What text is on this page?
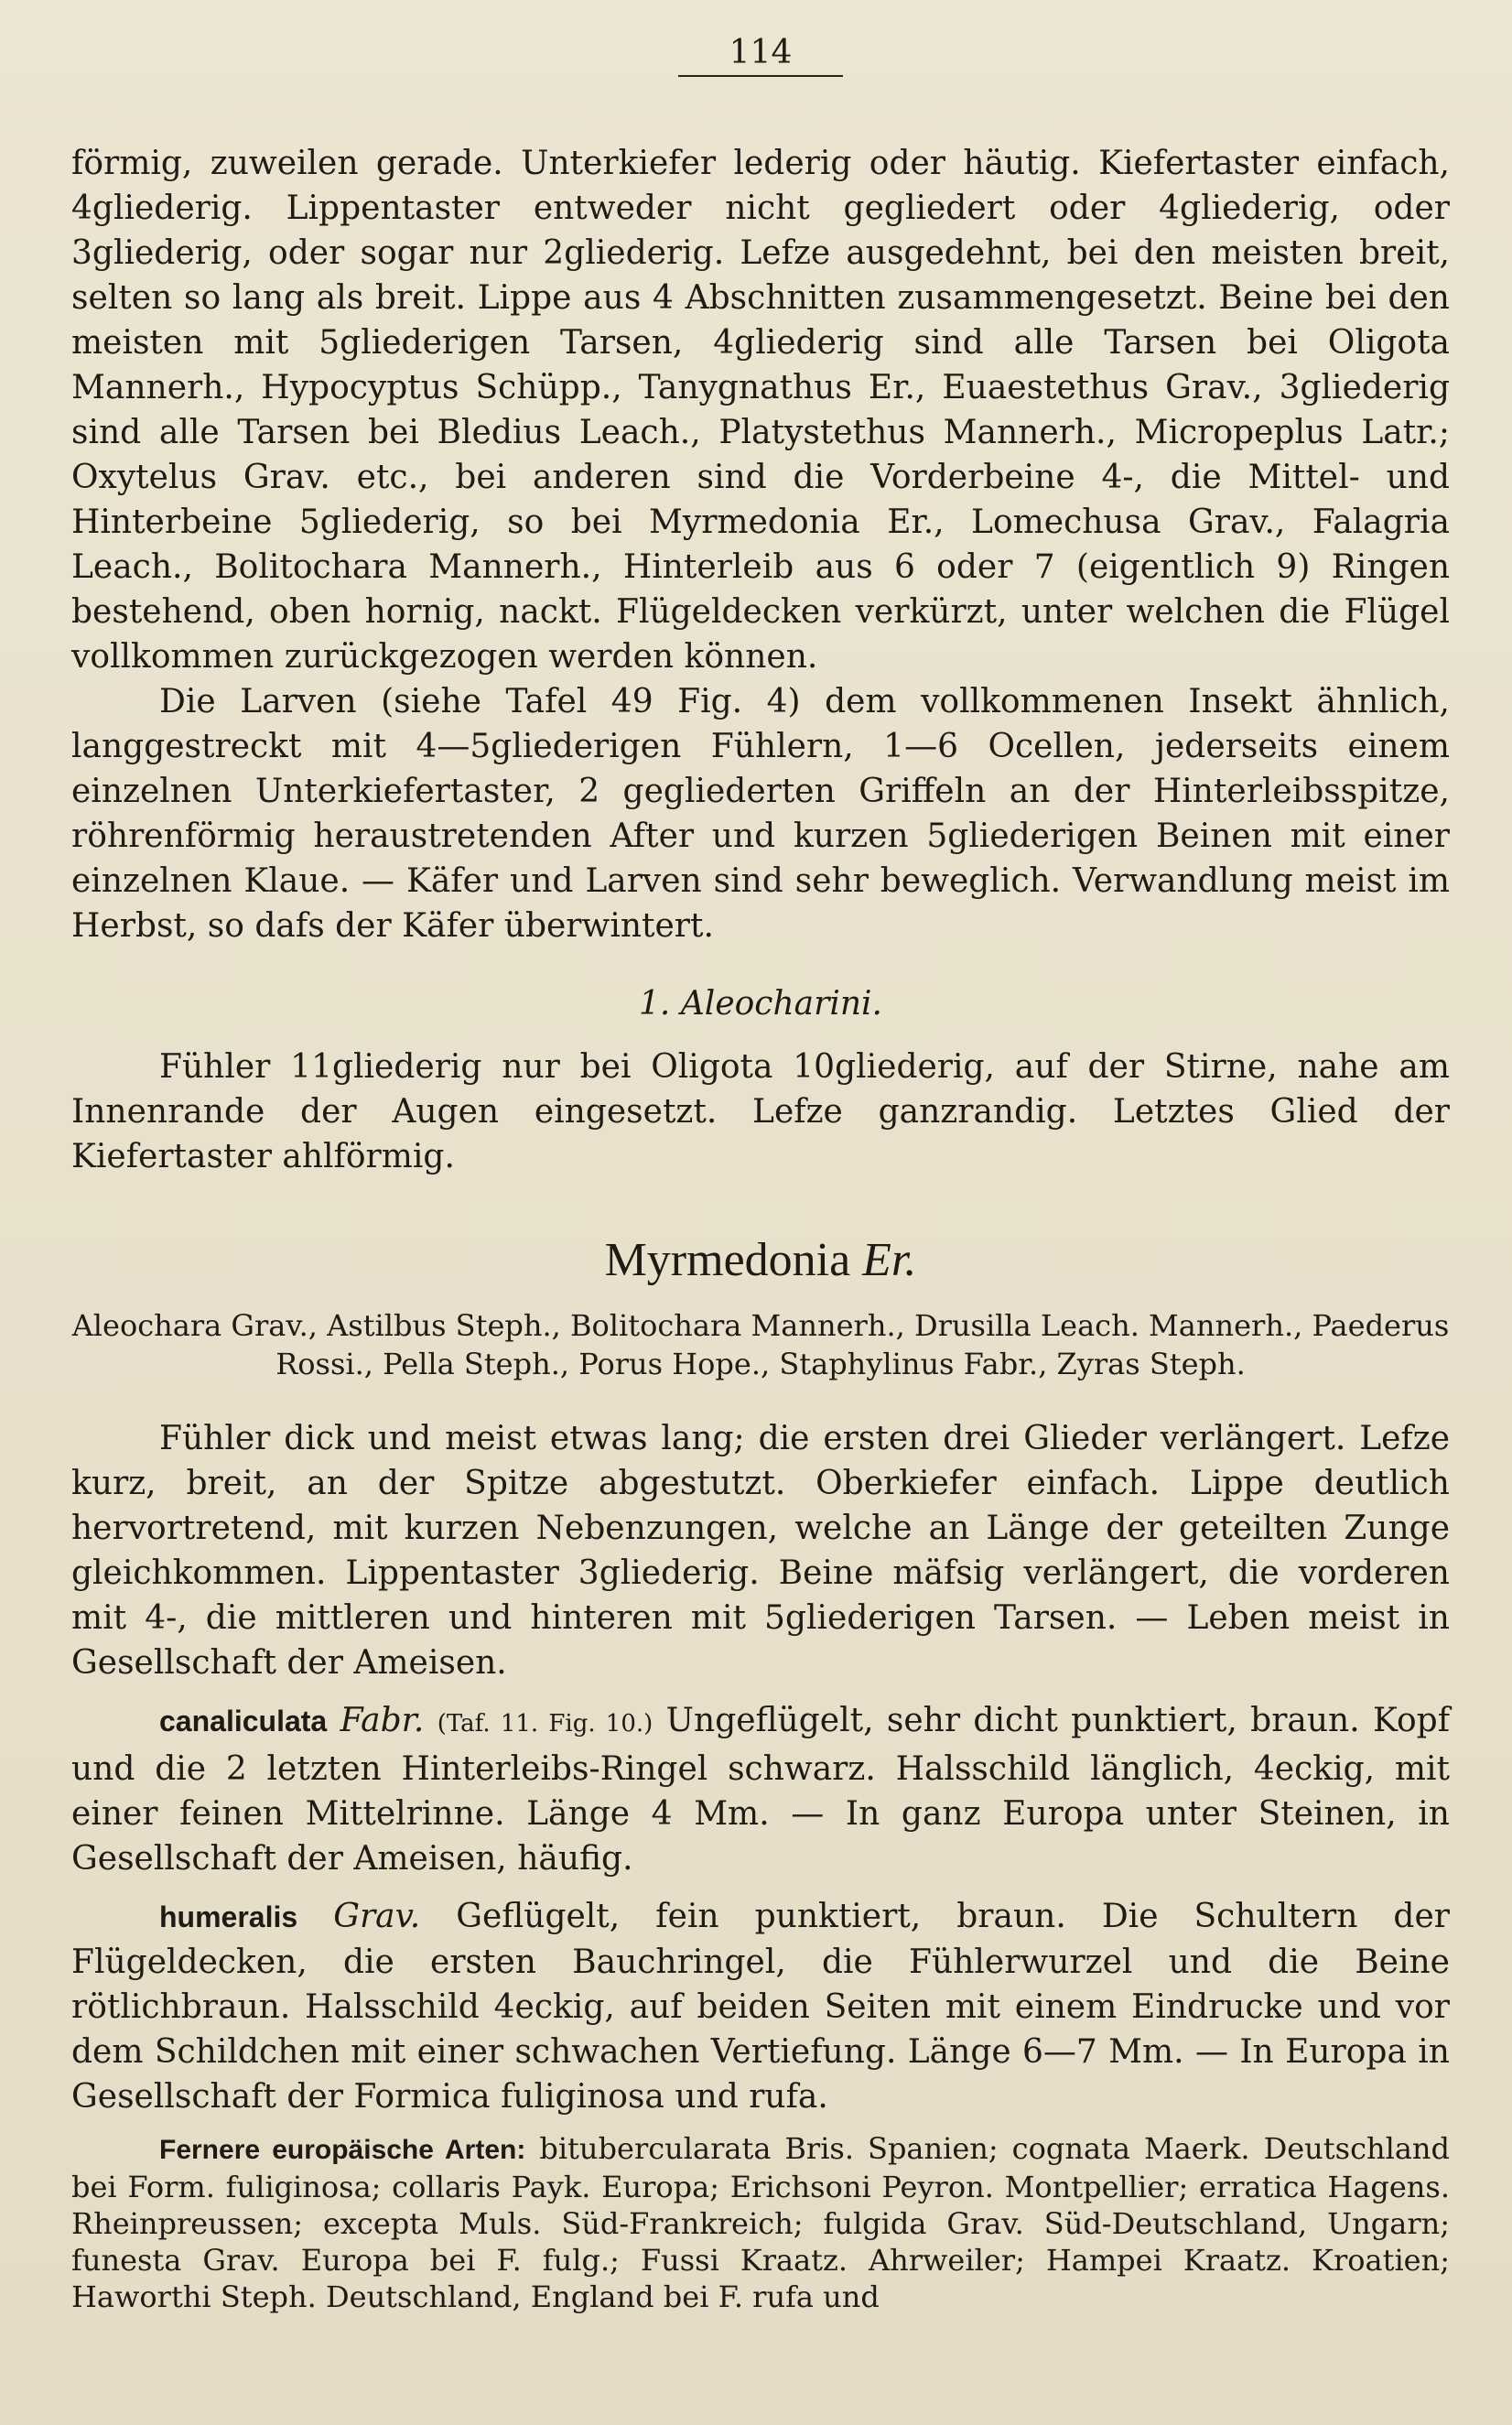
114

förmig, zuweilen gerade. Unterkiefer lederig oder häutig. Kiefertaster einfach, 4gliederig. Lippentaster entweder nicht gegliedert oder 4gliederig, oder 3gliederig, oder sogar nur 2gliederig. Lefze ausgedehnt, bei den meisten breit, selten so lang als breit. Lippe aus 4 Abschnitten zusammengesetzt. Beine bei den meisten mit 5gliederigen Tarsen, 4gliederig sind alle Tarsen bei Oligota Mannerh., Hypocyptus Schüpp., Tanygnathus Er., Euaestethus Grav., 3gliederig sind alle Tarsen bei Bledius Leach., Platystethus Mannerh., Micropeplus Latr.; Oxytelus Grav. etc., bei anderen sind die Vorderbeine 4-, die Mittel- und Hinterbeine 5gliederig, so bei Myrmedonia Er., Lomechusa Grav., Falagria Leach., Bolitochara Mannerh., Hinterleib aus 6 oder 7 (eigentlich 9) Ringen bestehend, oben hornig, nackt. Flügeldecken verkürzt, unter welchen die Flügel vollkommen zurückgezogen werden können.

Die Larven (siehe Tafel 49 Fig. 4) dem vollkommenen Insekt ähnlich, langgestreckt mit 4—5gliederigen Fühlern, 1—6 Ocellen, jederseits einem einzelnen Unterkiefertaster, 2 gegliederten Griffeln an der Hinterleibsspitze, röhrenförmig heraustretenden After und kurzen 5gliederigen Beinen mit einer einzelnen Klaue. — Käfer und Larven sind sehr beweglich. Verwandlung meist im Herbst, so dafs der Käfer überwintert.

1. Aleocharini.

Fühler 11gliederig nur bei Oligota 10gliederig, auf der Stirne, nahe am Innenrande der Augen eingesetzt. Lefze ganzrandig. Letztes Glied der Kiefertaster ahlförmig.

Myrmedonia Er.

Aleochara Grav., Astilbus Steph., Bolitochara Mannerh., Drusilla Leach. Mannerh., Paederus Rossi., Pella Steph., Porus Hope., Staphylinus Fabr., Zyras Steph.

Fühler dick und meist etwas lang; die ersten drei Glieder verlängert. Lefze kurz, breit, an der Spitze abgestutzt. Oberkiefer einfach. Lippe deutlich hervortretend, mit kurzen Nebenzungen, welche an Länge der geteilten Zunge gleichkommen. Lippentaster 3gliederig. Beine mäfsig verlängert, die vorderen mit 4-, die mittleren und hinteren mit 5gliederigen Tarsen. — Leben meist in Gesellschaft der Ameisen.

canaliculata Fabr. (Taf. 11. Fig. 10.) Ungeflügelt, sehr dicht punktiert, braun. Kopf und die 2 letzten Hinterleibs-Ringel schwarz. Halsschild länglich, 4eckig, mit einer feinen Mittelrinne. Länge 4 Mm. — In ganz Europa unter Steinen, in Gesellschaft der Ameisen, häufig.

humeralis Grav. Geflügelt, fein punktiert, braun. Die Schultern der Flügeldecken, die ersten Bauchringel, die Fühlerwurzel und die Beine rötlichbraun. Halsschild 4eckig, auf beiden Seiten mit einem Eindrucke und vor dem Schildchen mit einer schwachen Vertiefung. Länge 6—7 Mm. — In Europa in Gesellschaft der Formica fuliginosa und rufa.

Fernere europäische Arten: bitubercularata Bris. Spanien; cognata Maerk. Deutschland bei Form. fuliginosa; collaris Payk. Europa; Erichsoni Peyron. Montpellier; erratica Hagens. Rheinpreussen; excepta Muls. Süd-Frankreich; fulgida Grav. Süd-Deutschland, Ungarn; funesta Grav. Europa bei F. fulg.; Fussi Kraatz. Ahrweiler; Hampei Kraatz. Kroatien; Haworthi Steph. Deutschland, England bei F. rufa und
